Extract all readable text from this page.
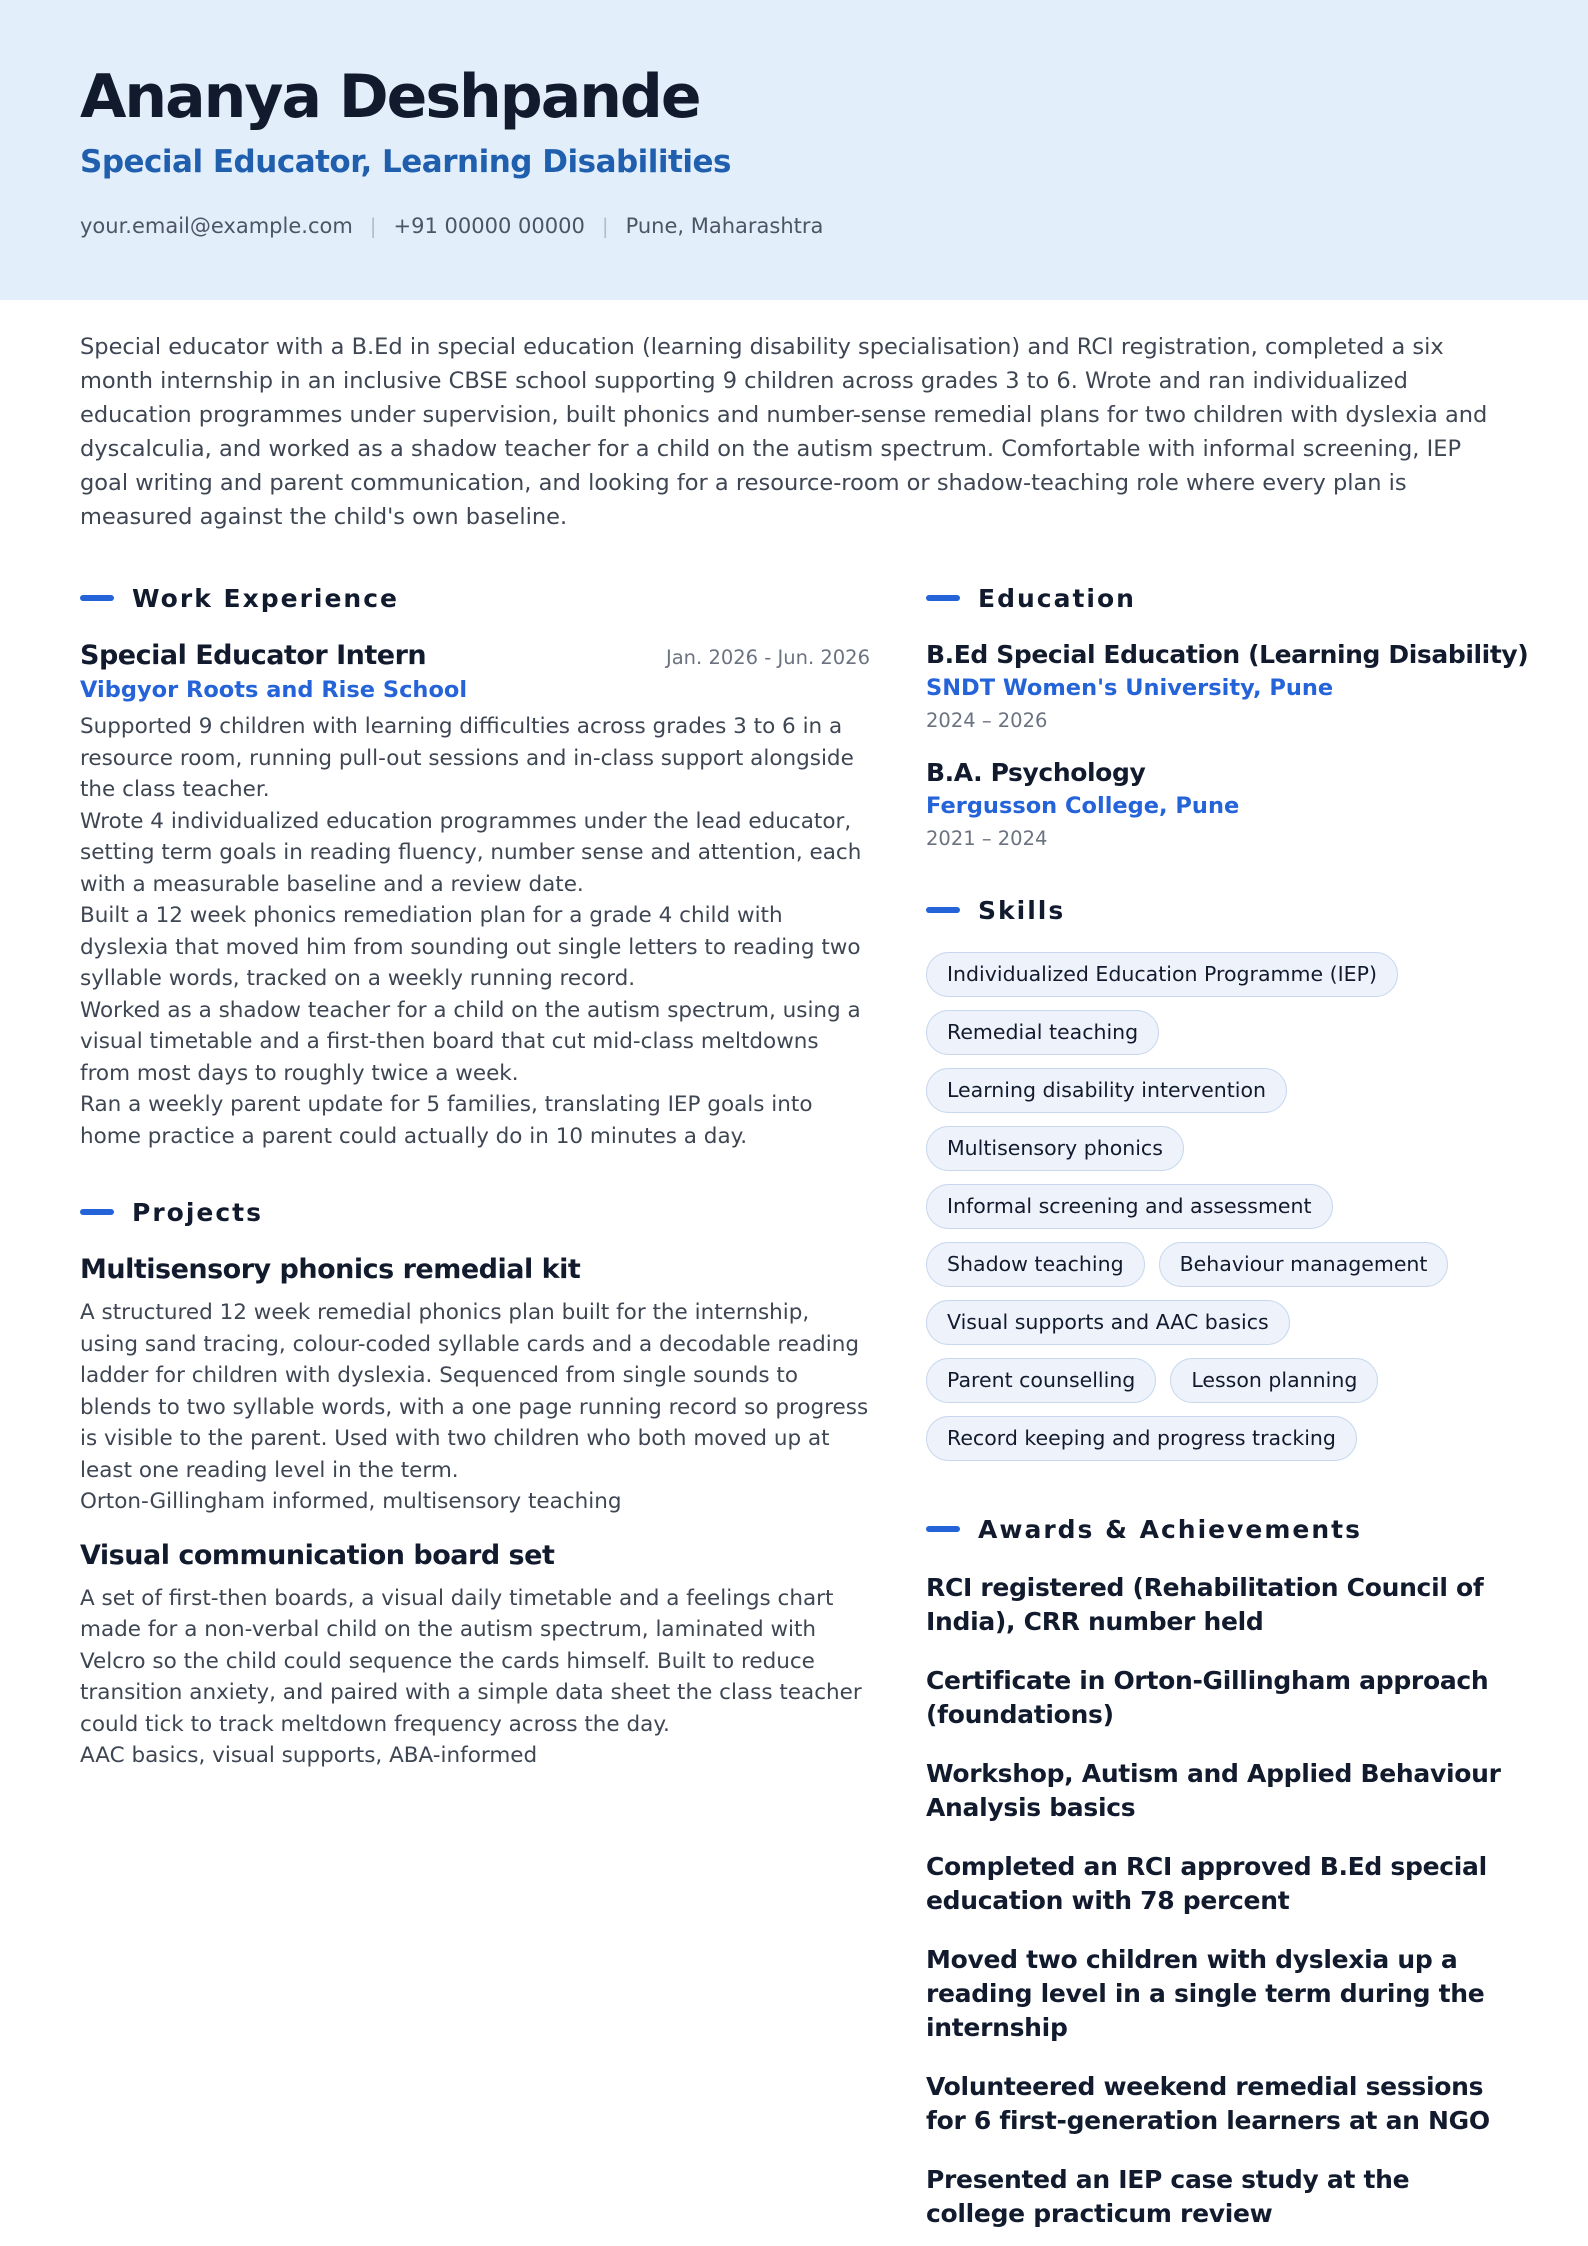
Ananya Deshpande
Special Educator, Learning Disabilities
your.email@example.com | +91 00000 00000 | Pune, Maharashtra
Special educator with a B.Ed in special education (learning disability specialisation) and RCI registration, completed a six month internship in an inclusive CBSE school supporting 9 children across grades 3 to 6. Wrote and ran individualized education programmes under supervision, built phonics and number-sense remedial plans for two children with dyslexia and dyscalculia, and worked as a shadow teacher for a child on the autism spectrum. Comfortable with informal screening, IEP goal writing and parent communication, and looking for a resource-room or shadow-teaching role where every plan is measured against the child's own baseline.
Work Experience
Special Educator Intern	Jan. 2026 - Jun. 2026
Vibgyor Roots and Rise School
Supported 9 children with learning difficulties across grades 3 to 6 in a resource room, running pull-out sessions and in-class support alongside the class teacher.
Wrote 4 individualized education programmes under the lead educator, setting term goals in reading fluency, number sense and attention, each with a measurable baseline and a review date.
Built a 12 week phonics remediation plan for a grade 4 child with dyslexia that moved him from sounding out single letters to reading two syllable words, tracked on a weekly running record.
Worked as a shadow teacher for a child on the autism spectrum, using a visual timetable and a first-then board that cut mid-class meltdowns from most days to roughly twice a week.
Ran a weekly parent update for 5 families, translating IEP goals into home practice a parent could actually do in 10 minutes a day.
Projects
Multisensory phonics remedial kit
A structured 12 week remedial phonics plan built for the internship, using sand tracing, colour-coded syllable cards and a decodable reading ladder for children with dyslexia. Sequenced from single sounds to blends to two syllable words, with a one page running record so progress is visible to the parent. Used with two children who both moved up at least one reading level in the term.
Orton-Gillingham informed, multisensory teaching
Visual communication board set
A set of first-then boards, a visual daily timetable and a feelings chart made for a non-verbal child on the autism spectrum, laminated with Velcro so the child could sequence the cards himself. Built to reduce transition anxiety, and paired with a simple data sheet the class teacher could tick to track meltdown frequency across the day.
AAC basics, visual supports, ABA-informed
Education
B.Ed Special Education (Learning Disability)
SNDT Women's University, Pune
2024 – 2026
B.A. Psychology
Fergusson College, Pune
2021 – 2024
Skills
Individualized Education Programme (IEP)
Remedial teaching
Learning disability intervention
Multisensory phonics
Informal screening and assessment
Shadow teaching	Behaviour management
Visual supports and AAC basics
Parent counselling	Lesson planning
Record keeping and progress tracking
Awards & Achievements
RCI registered (Rehabilitation Council of India), CRR number held
Certificate in Orton-Gillingham approach (foundations)
Workshop, Autism and Applied Behaviour Analysis basics
Completed an RCI approved B.Ed special education with 78 percent
Moved two children with dyslexia up a reading level in a single term during the internship
Volunteered weekend remedial sessions for 6 first-generation learners at an NGO
Presented an IEP case study at the college practicum review
